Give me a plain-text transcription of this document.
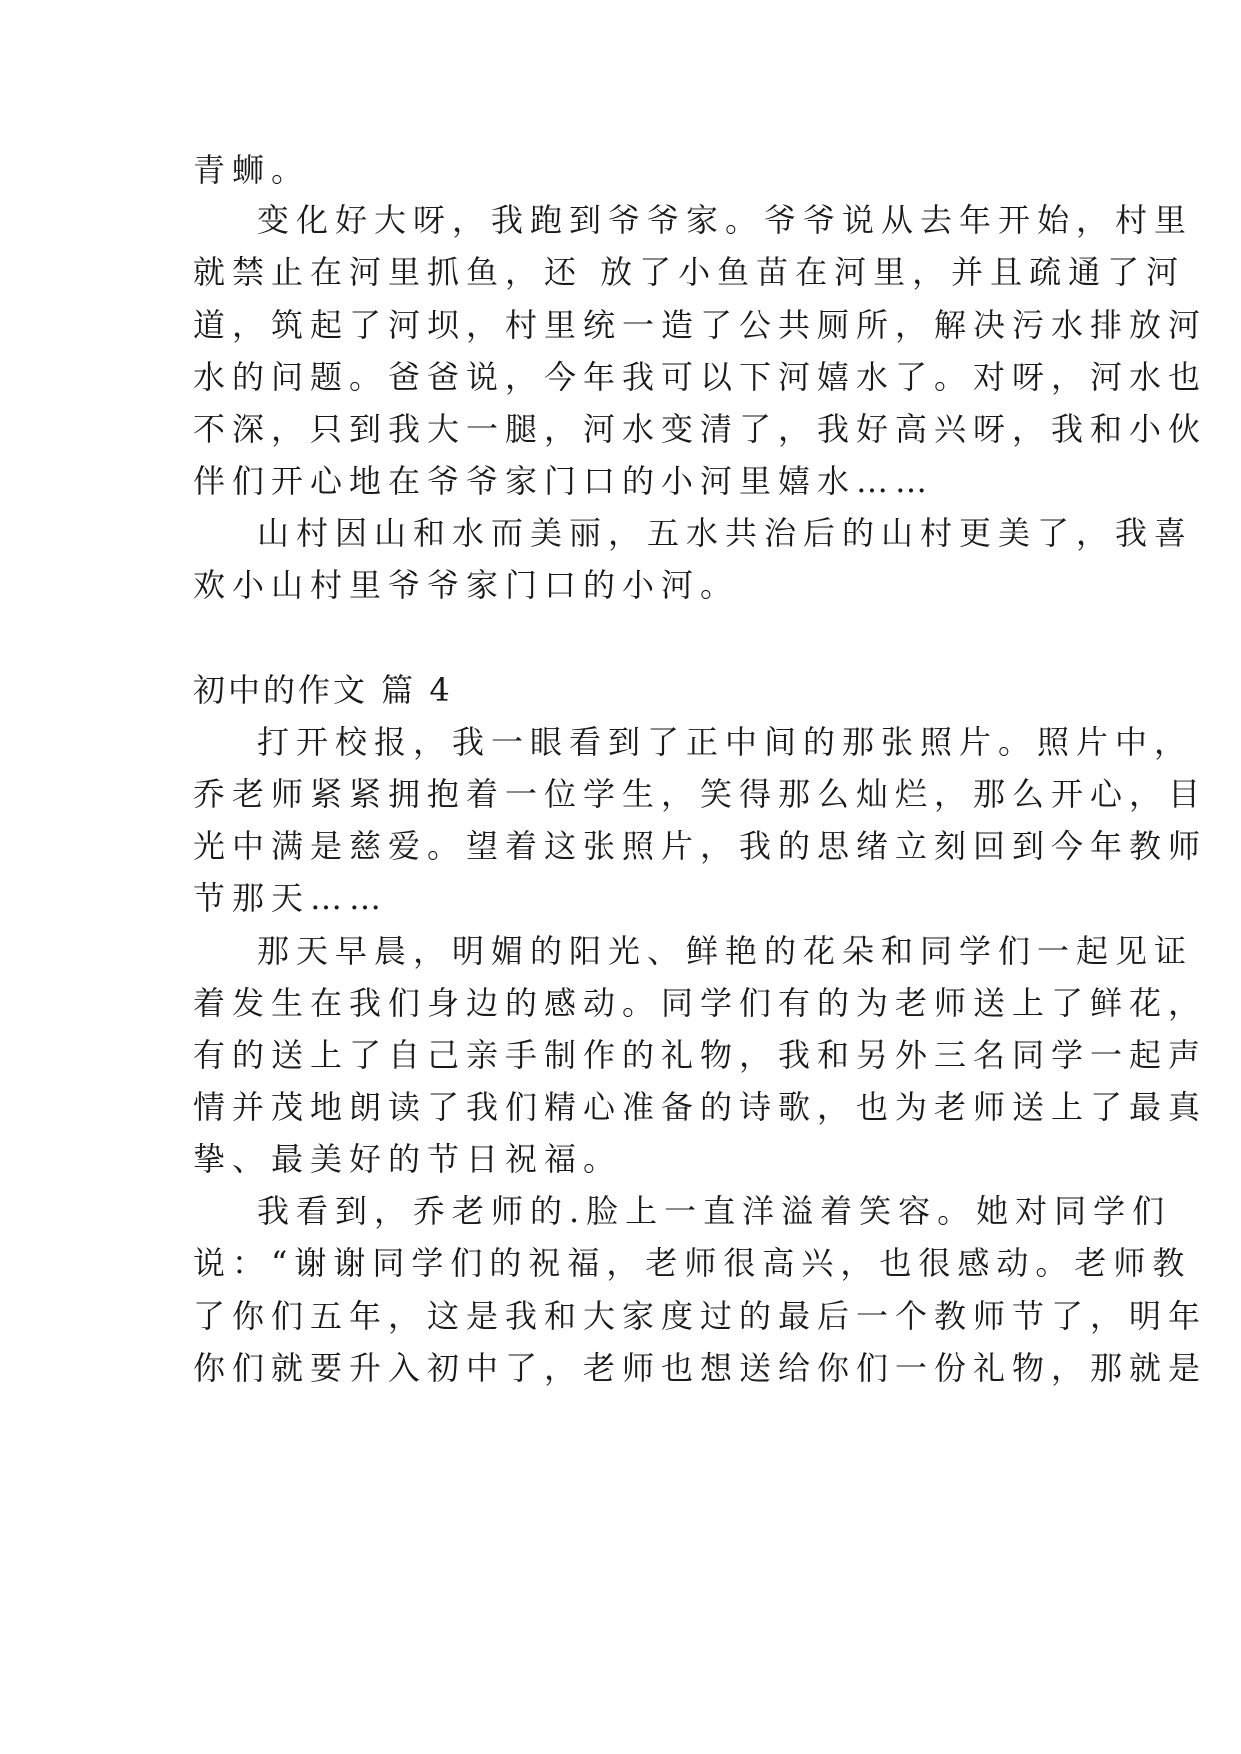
青蛳。
变化好大呀，我跑到爷爷家。爷爷说从去年开始，村里
就禁止在河里抓鱼，还 放了小鱼苗在河里，并且疏通了河
道，筑起了河坝，村里统一造了公共厕所，解决污水排放河
水的问题。爸爸说，今年我可以下河嬉水了。对呀，河水也
不深，只到我大一腿，河水变清了，我好高兴呀，我和小伙
伴们开心地在爷爷家门口的小河里嬉水……
山村因山和水而美丽，五水共治后的山村更美了，我喜
欢小山村里爷爷家门口的小河。
初中的作文 篇 4
打开校报，我一眼看到了正中间的那张照片。照片中，
乔老师紧紧拥抱着一位学生，笑得那么灿烂，那么开心，目
光中满是慈爱。望着这张照片，我的思绪立刻回到今年教师
节那天……
那天早晨，明媚的阳光、鲜艳的花朵和同学们一起见证
着发生在我们身边的感动。同学们有的为老师送上了鲜花，
有的送上了自己亲手制作的礼物，我和另外三名同学一起声
情并茂地朗读了我们精心准备的诗歌，也为老师送上了最真
挚、最美好的节日祝福。
我看到，乔老师的.脸上一直洋溢着笑容。她对同学们
说：“谢谢同学们的祝福，老师很高兴，也很感动。老师教
了你们五年，这是我和大家度过的最后一个教师节了，明年
你们就要升入初中了，老师也想送给你们一份礼物，那就是
